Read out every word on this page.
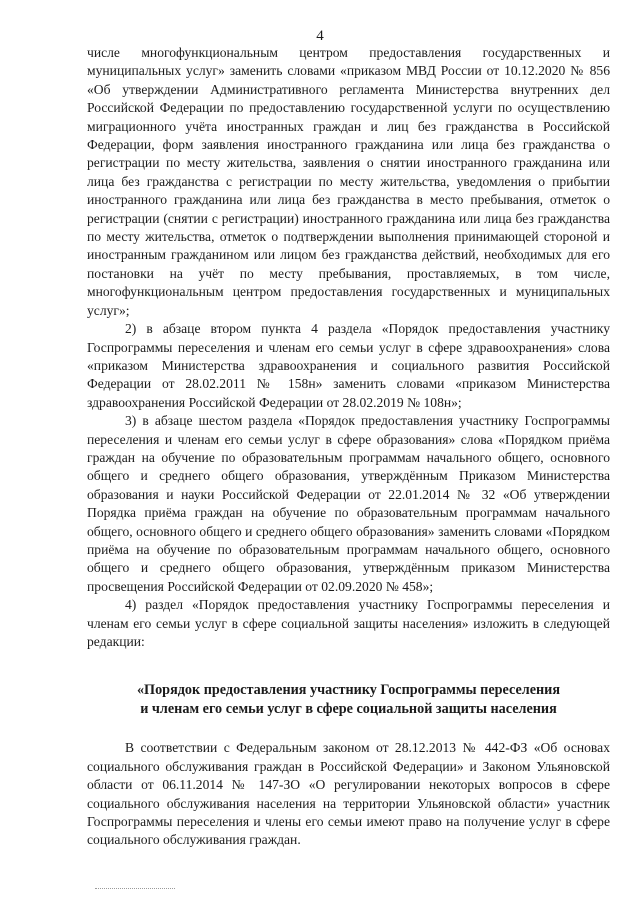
4

числе многофункциональным центром предоставления государственных и муниципальных услуг» заменить словами «приказом МВД России от 10.12.2020 № 856 «Об утверждении Административного регламента Министерства внутренних дел Российской Федерации по предоставлению государственной услуги по осуществлению миграционного учёта иностранных граждан и лиц без гражданства в Российской Федерации, форм заявления иностранного гражданина или лица без гражданства о регистрации по месту жительства, заявления о снятии иностранного гражданина или лица без гражданства с регистрации по месту жительства, уведомления о прибытии иностранного гражданина или лица без гражданства в место пребывания, отметок о регистрации (снятии с регистрации) иностранного гражданина или лица без гражданства по месту жительства, отметок о подтверждении выполнения принимающей стороной и иностранным гражданином или лицом без гражданства действий, необходимых для его постановки на учёт по месту пребывания, проставляемых, в том числе, многофункциональным центром предоставления государственных и муниципальных услуг»;

2) в абзаце втором пункта 4 раздела «Порядок предоставления участнику Госпрограммы переселения и членам его семьи услуг в сфере здравоохранения» слова «приказом Министерства здравоохранения и социального развития Российской Федерации от 28.02.2011 № 158н» заменить словами «приказом Министерства здравоохранения Российской Федерации от 28.02.2019 № 108н»;

3) в абзаце шестом раздела «Порядок предоставления участнику Госпрограммы переселения и членам его семьи услуг в сфере образования» слова «Порядком приёма граждан на обучение по образовательным программам начального общего, основного общего и среднего общего образования, утверждённым Приказом Министерства образования и науки Российской Федерации от 22.01.2014 № 32 «Об утверждении Порядка приёма граждан на обучение по образовательным программам начального общего, основного общего и среднего общего образования» заменить словами «Порядком приёма на обучение по образовательным программам начального общего, основного общего и среднего общего образования, утверждённым приказом Министерства просвещения Российской Федерации от 02.09.2020 № 458»;

4) раздел «Порядок предоставления участнику Госпрограммы переселения и членам его семьи услуг в сфере социальной защиты населения» изложить в следующей редакции:

«Порядок предоставления участнику Госпрограммы переселения
и членам его семьи услуг в сфере социальной защиты населения

В соответствии с Федеральным законом от 28.12.2013 № 442-ФЗ «Об основах социального обслуживания граждан в Российской Федерации» и Законом Ульяновской области от 06.11.2014 № 147-ЗО «О регулировании некоторых вопросов в сфере социального обслуживания населения на территории Ульяновской области» участник Госпрограммы переселения и члены его семьи имеют право на получение услуг в сфере социального обслуживания граждан.
